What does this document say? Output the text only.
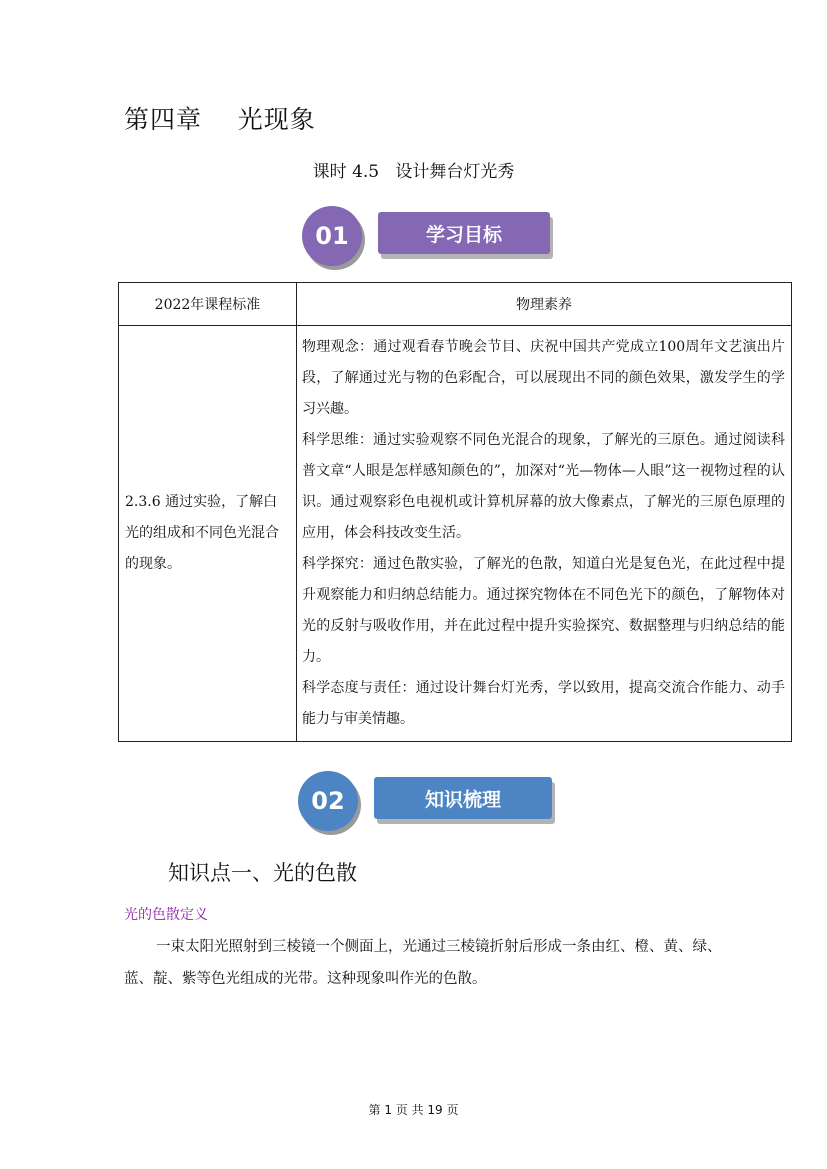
第四章    光现象
课时 4.5   设计舞台灯光秀
01	学习目标
2022年课程标准	物理素养
2.3.6 通过实验，了解白光的组成和不同色光混合的现象。	物理观念：通过观看春节晚会节目、庆祝中国共产党成立100周年文艺演出片段，了解通过光与物的色彩配合，可以展现出不同的颜色效果，激发学生的学习兴趣。

科学思维：通过实验观察不同色光混合的现象，了解光的三原色。通过阅读科普文章“人眼是怎样感知颜色的”，加深对“光—物体—人眼”这一视物过程的认识。通过观察彩色电视机或计算机屏幕的放大像素点，了解光的三原色原理的应用，体会科技改变生活。

科学探究：通过色散实验，了解光的色散，知道白光是复色光，在此过程中提升观察能力和归纳总结能力。通过探究物体在不同色光下的颜色，了解物体对光的反射与吸收作用，并在此过程中提升实验探究、数据整理与归纳总结的能力。

科学态度与责任：通过设计舞台灯光秀，学以致用，提高交流合作能力、动手能力与审美情趣。

02	知识梳理
知识点一、光的色散
光的色散定义
一束太阳光照射到三棱镜一个侧面上，光通过三棱镜折射后形成一条由红、橙、黄、绿、蓝、靛、紫等色光组成的光带。这种现象叫作光的色散。
第 1 页 共 19 页
